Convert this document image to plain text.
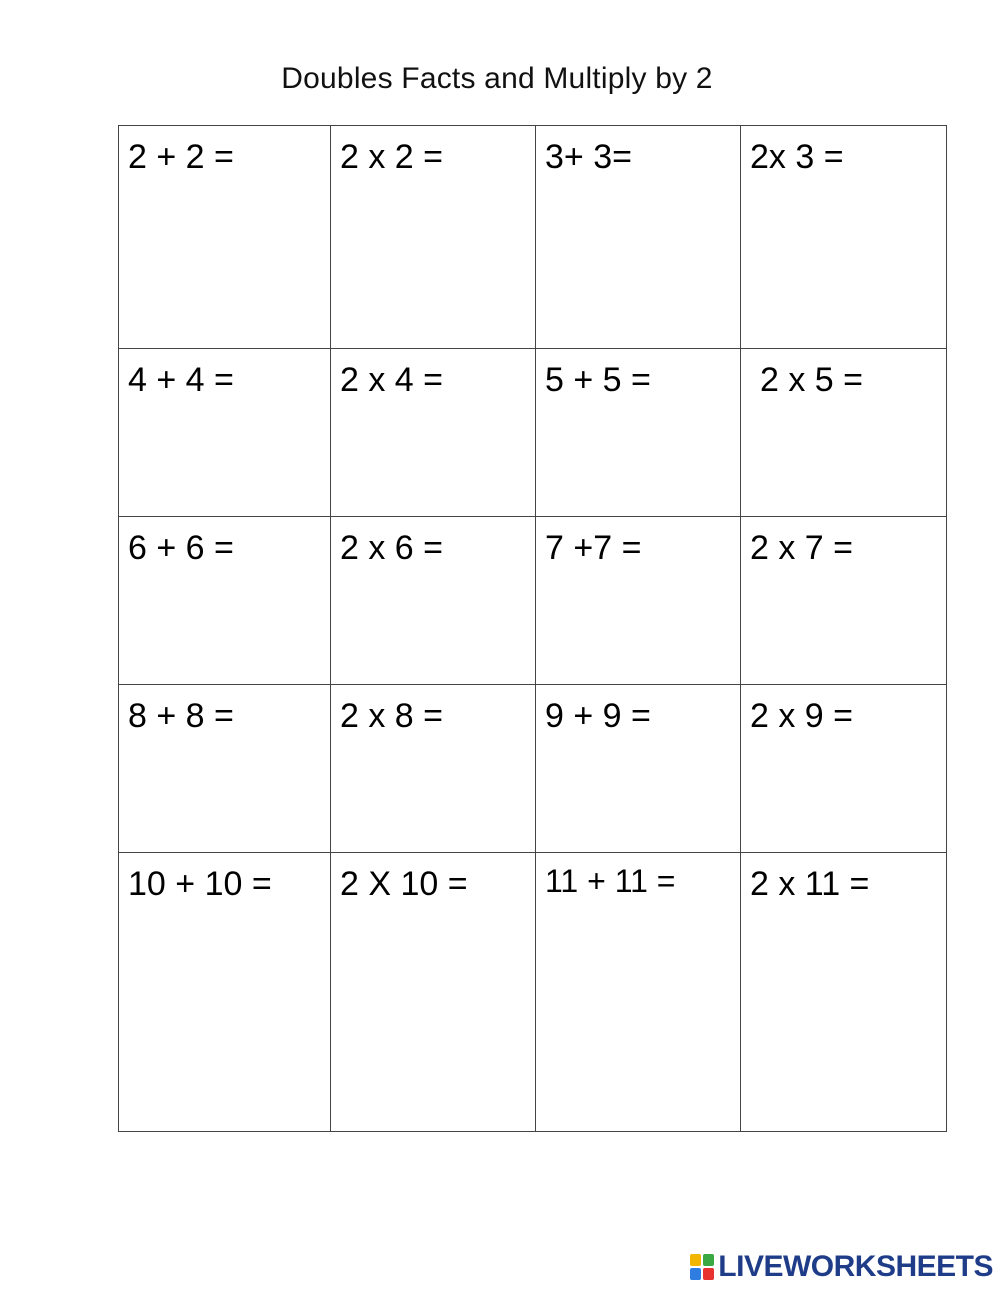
Doubles Facts and Multiply by 2
2 + 2 =	2 x 2 =	3+ 3=	2x 3 =

4 + 4 =	2 x 4 =	5 + 5 =	2 x 5 =

6 + 6 =	2 x 6 =	7 +7 =	2 x 7 =

8 + 8 =	2 x 8 =	9 + 9 =	2 x 9 =

10 + 10 =	2 X 10 =	11 + 11 =	2 x 11 =
LIVEWORKSHEETS
